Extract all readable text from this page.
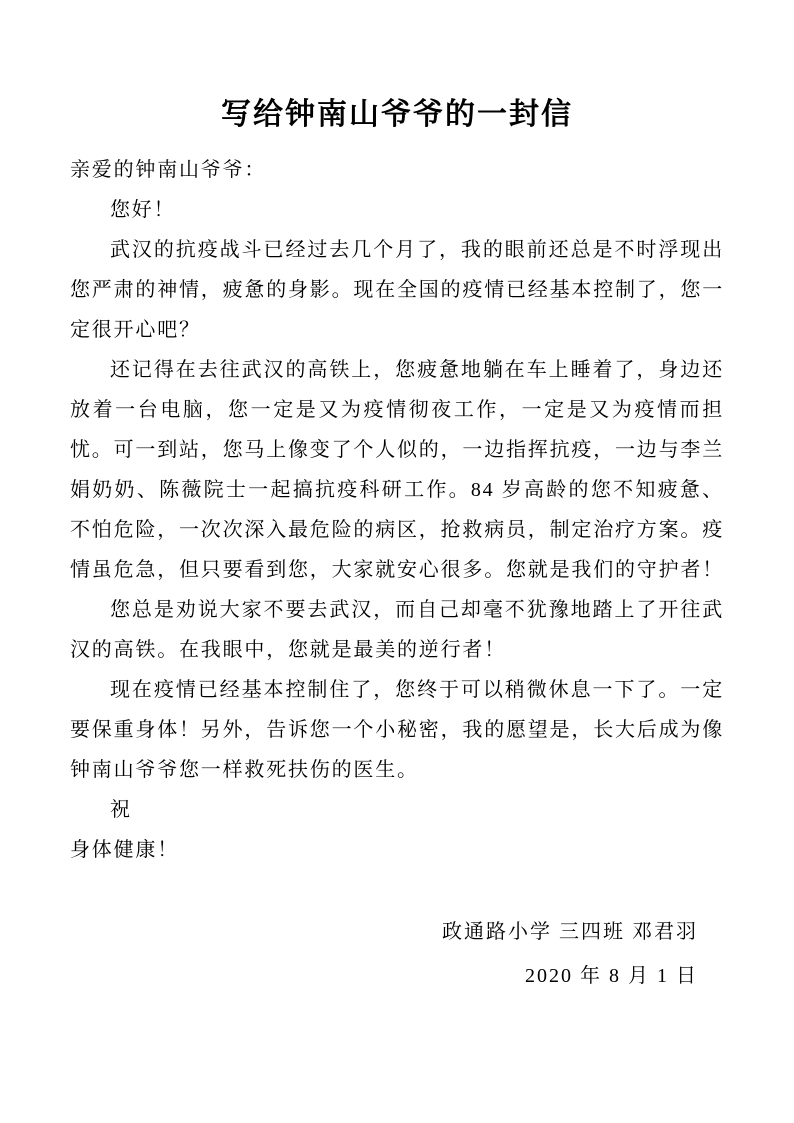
写给钟南山爷爷的一封信

亲爱的钟南山爷爷：

您好！

武汉的抗疫战斗已经过去几个月了，我的眼前还总是不时浮现出您严肃的神情，疲惫的身影。现在全国的疫情已经基本控制了，您一定很开心吧？

还记得在去往武汉的高铁上，您疲惫地躺在车上睡着了，身边还放着一台电脑，您一定是又为疫情彻夜工作，一定是又为疫情而担忧。可一到站，您马上像变了个人似的，一边指挥抗疫，一边与李兰娟奶奶、陈薇院士一起搞抗疫科研工作。84 岁高龄的您不知疲惫、不怕危险，一次次深入最危险的病区，抢救病员，制定治疗方案。疫情虽危急，但只要看到您，大家就安心很多。您就是我们的守护者！

您总是劝说大家不要去武汉，而自己却毫不犹豫地踏上了开往武汉的高铁。在我眼中，您就是最美的逆行者！

现在疫情已经基本控制住了，您终于可以稍微休息一下了。一定要保重身体！另外，告诉您一个小秘密，我的愿望是，长大后成为像钟南山爷爷您一样救死扶伤的医生。

祝

身体健康！

政通路小学 三四班 邓君羽

2020 年 8 月 1 日
